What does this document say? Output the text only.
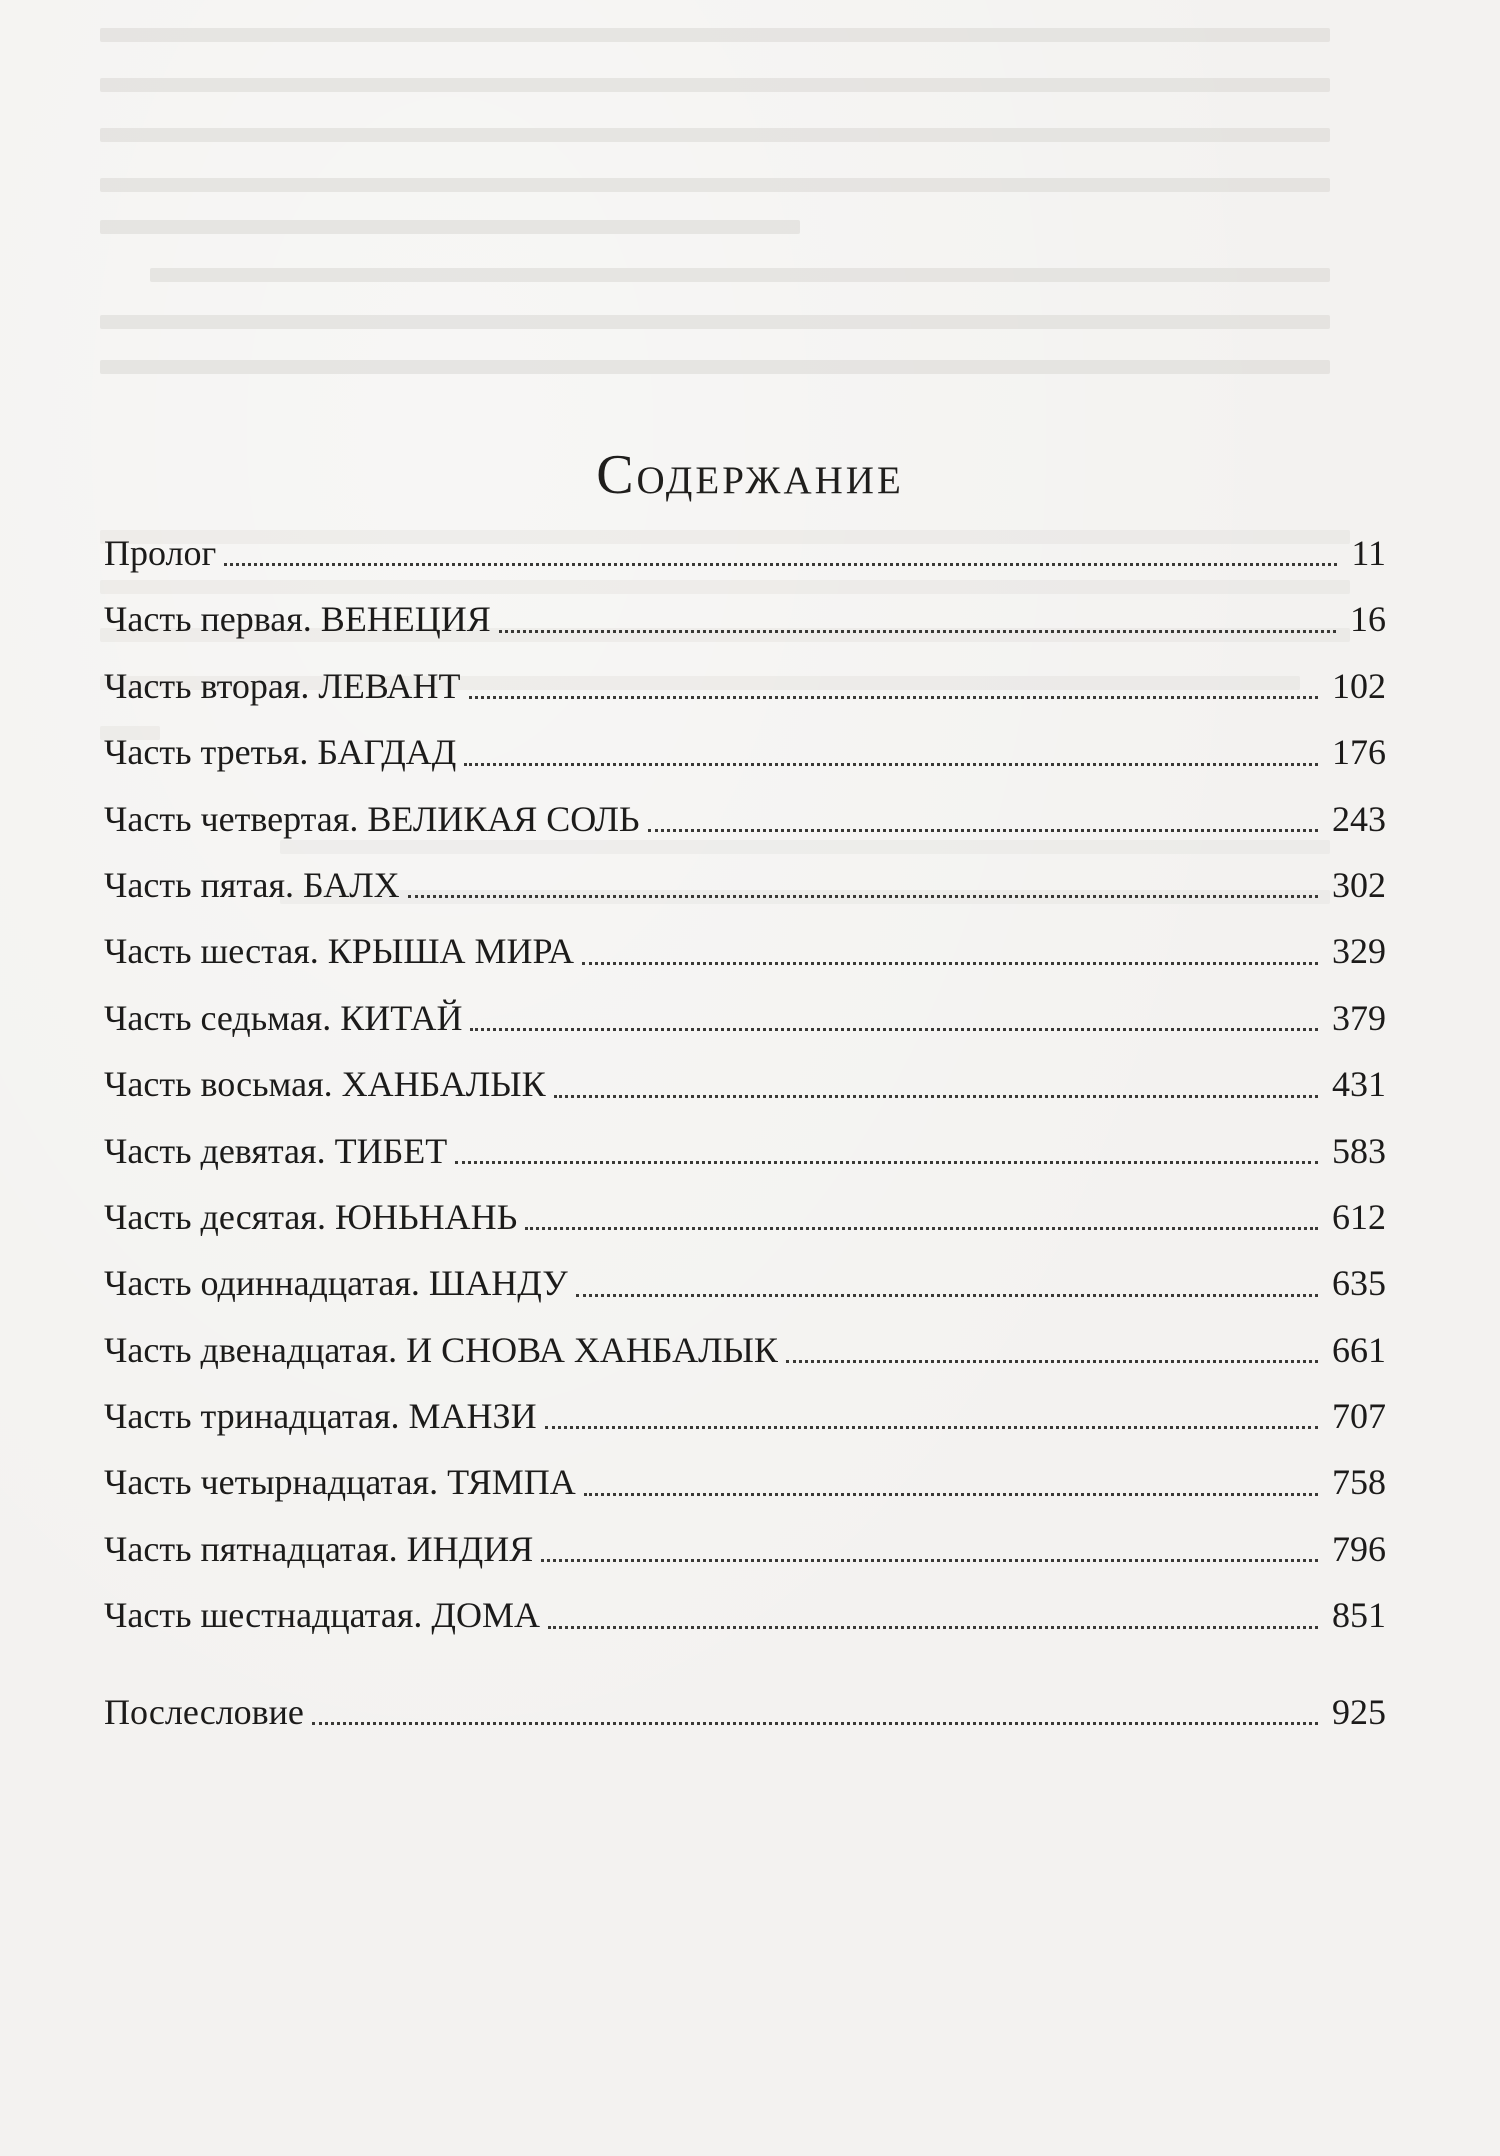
Содержание
Пролог	11
Часть первая. ВЕНЕЦИЯ	16
Часть вторая. ЛЕВАНТ	102
Часть третья. БАГДАД	176
Часть четвертая. ВЕЛИКАЯ СОЛЬ	243
Часть пятая. БАЛХ	302
Часть шестая. КРЫША МИРА	329
Часть седьмая. КИТАЙ	379
Часть восьмая. ХАНБАЛЫК	431
Часть девятая. ТИБЕТ	583
Часть десятая. ЮНЬНАНЬ	612
Часть одиннадцатая. ШАНДУ	635
Часть двенадцатая. И СНОВА ХАНБАЛЫК	661
Часть тринадцатая. МАНЗИ	707
Часть четырнадцатая. ТЯМПА	758
Часть пятнадцатая. ИНДИЯ	796
Часть шестнадцатая. ДОМА	851
Послесловие	925
